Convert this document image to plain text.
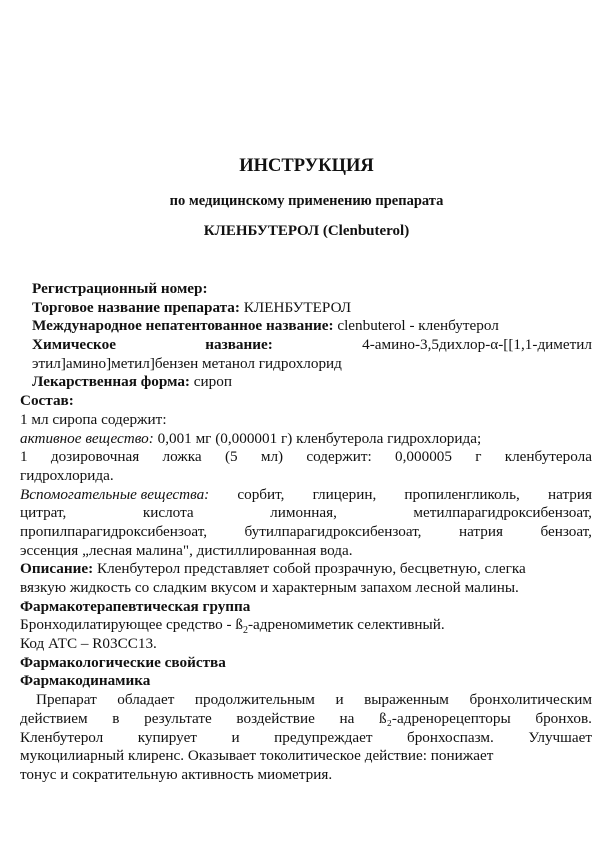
ИНСТРУКЦИЯ
по медицинскому применению препарата
КЛЕНБУТЕРОЛ (Clenbuterol)
Регистрационный номер:
Торговое название препарата: КЛЕНБУТЕРОЛ
Международное непатентованное название: clenbuterol - кленбутерол
Химическое	название:	4-амино-3,5дихлор-α-[[1,1-диметил
этил]амино]метил]бензен метанол гидрохлорид
Лекарственная форма: сироп
Состав:
1 мл сиропа содержит:
активное вещество: 0,001 мг (0,000001 г) кленбутерола гидрохлорида;
1 дозировочная ложка (5 мл) содержит: 0,000005 г кленбутерола
гидрохлорида.
Вспомогательные вещества: сорбит, глицерин, пропиленгликоль, натрия
цитрат,	кислота	лимонная,	метилпарагидроксибензоат,
пропилпарагидроксибензоат, бутилпарагидроксибензоат, натрия бензоат,
эссенция „лесная малина", дистиллированная вода.
Описание: Кленбутерол представляет собой прозрачную, бесцветную, слегка
вязкую жидкость со сладким вкусом и характерным запахом лесной малины.
Фармакотерапевтическая группа
Бронходилатирующее средство - $ß_2$-адреномиметик селективный.
Код АТС – R03СС13.
Фармакологические свойства
Фармакодинамика
Препарат обладает продолжительным и выраженным бронхолитическим
действием в результате воздействие на ß₂-адренорецепторы бронхов.
Кленбутерол купирует и предупреждает бронхоспазм. Улучшает
мукоцилиарный клиренс. Оказывает токолитическое действие: понижает
тонус и сократительную активность миометрия.
